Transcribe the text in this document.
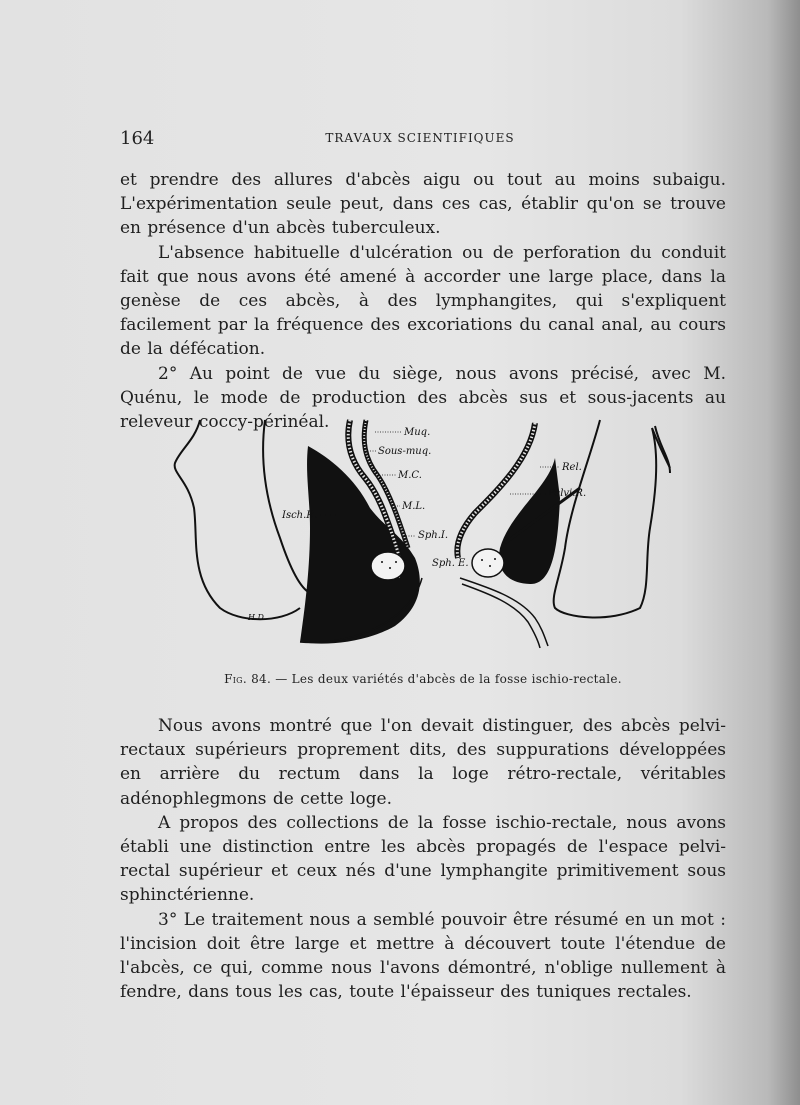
164	TRAVAUX SCIENTIFIQUES

et prendre des allures d'abcès aigu ou tout au moins subaigu. L'expérimentation seule peut, dans ces cas, établir qu'on se trouve en présence d'un abcès tuberculeux.

L'absence habituelle d'ulcération ou de perforation du conduit fait que nous avons été amené à accorder une large place, dans la genèse de ces abcès, à des lymphangites, qui s'expliquent facilement par la fréquence des excoriations du canal anal, au cours de la défécation.

2° Au point de vue du siège, nous avons précisé, avec M. Quénu, le mode de production des abcès sus et sous-jacents au releveur coccy-périnéal.

Muq.
Sous-muq.
M.C.
M.L.
Isch.R.
Sph.I.
Sph. E.
Rel.
Pelvi.R.
H.D.
Fig. 84. — Les deux variétés d'abcès de la fosse ischio-rectale.

Nous avons montré que l'on devait distinguer, des abcès pelvi-rectaux supérieurs proprement dits, des suppurations développées en arrière du rectum dans la loge rétro-rectale, véritables adénophlegmons de cette loge.

A propos des collections de la fosse ischio-rectale, nous avons établi une distinction entre les abcès propagés de l'espace pelvi-rectal supérieur et ceux nés d'une lymphangite primitivement sous sphinctérienne.

3° Le traitement nous a semblé pouvoir être résumé en un mot : l'incision doit être large et mettre à découvert toute l'étendue de l'abcès, ce qui, comme nous l'avons démontré, n'oblige nullement à fendre, dans tous les cas, toute l'épaisseur des tuniques rectales.
